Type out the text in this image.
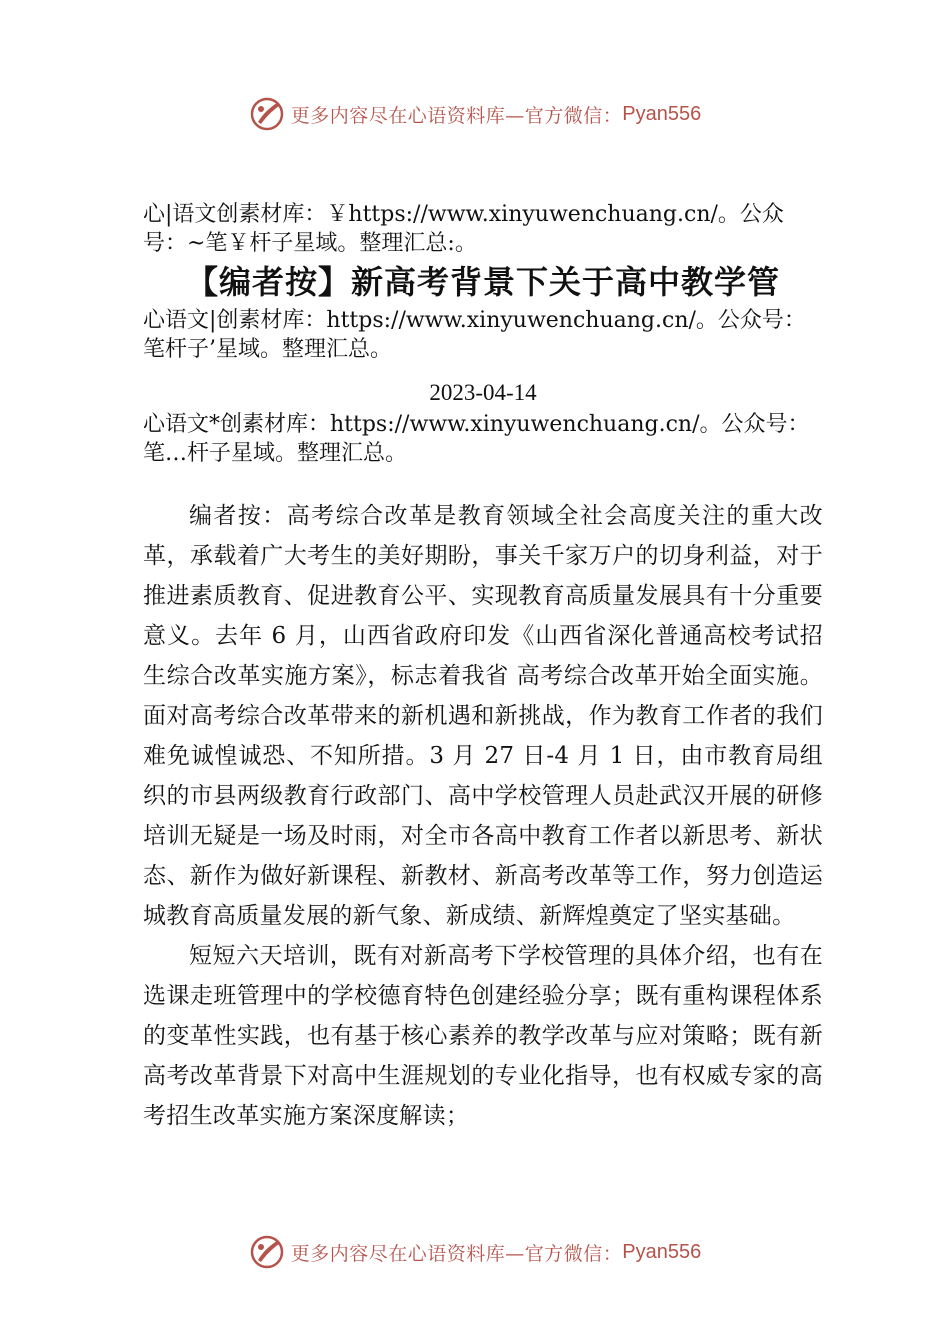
更多内容尽在心语资料库—官方微信： Pyan556

心|语文创素材库：￥https://www.xinyuwenchuang.cn/。公众号：~笔￥杆子星域。整理汇总:。

【编者按】新高考背景下关于高中教学管

心语文|创素材库：https://www.xinyuwenchuang.cn/。公众号：笔杆子’星域。整理汇总。

2023-04-14

心语文*创素材库：https://www.xinyuwenchuang.cn/。公众号：笔…杆子星域。整理汇总。

编者按：高考综合改革是教育领域全社会高度关注的重大改革，承载着广大考生的美好期盼，事关千家万户的切身利益，对于推进素质教育、促进教育公平、实现教育高质量发展具有十分重要意义。去年 6 月，山西省政府印发《山西省深化普通高校考试招生综合改革实施方案》，标志着我省 高考综合改革开始全面实施。面对高考综合改革带来的新机遇和新挑战，作为教育工作者的我们难免诚惶诚恐、不知所措。3 月 27 日-4 月 1 日，由市教育局组织的市县两级教育行政部门、高中学校管理人员赴武汉开展的研修培训无疑是一场及时雨，对全市各高中教育工作者以新思考、新状态、新作为做好新课程、新教材、新高考改革等工作，努力创造运城教育高质量发展的新气象、新成绩、新辉煌奠定了坚实基础。

短短六天培训，既有对新高考下学校管理的具体介绍，也有在选课走班管理中的学校德育特色创建经验分享；既有重构课程体系的变革性实践，也有基于核心素养的教学改革与应对策略；既有新高考改革背景下对高中生涯规划的专业化指导，也有权威专家的高考招生改革实施方案深度解读；

更多内容尽在心语资料库—官方微信： Pyan556
